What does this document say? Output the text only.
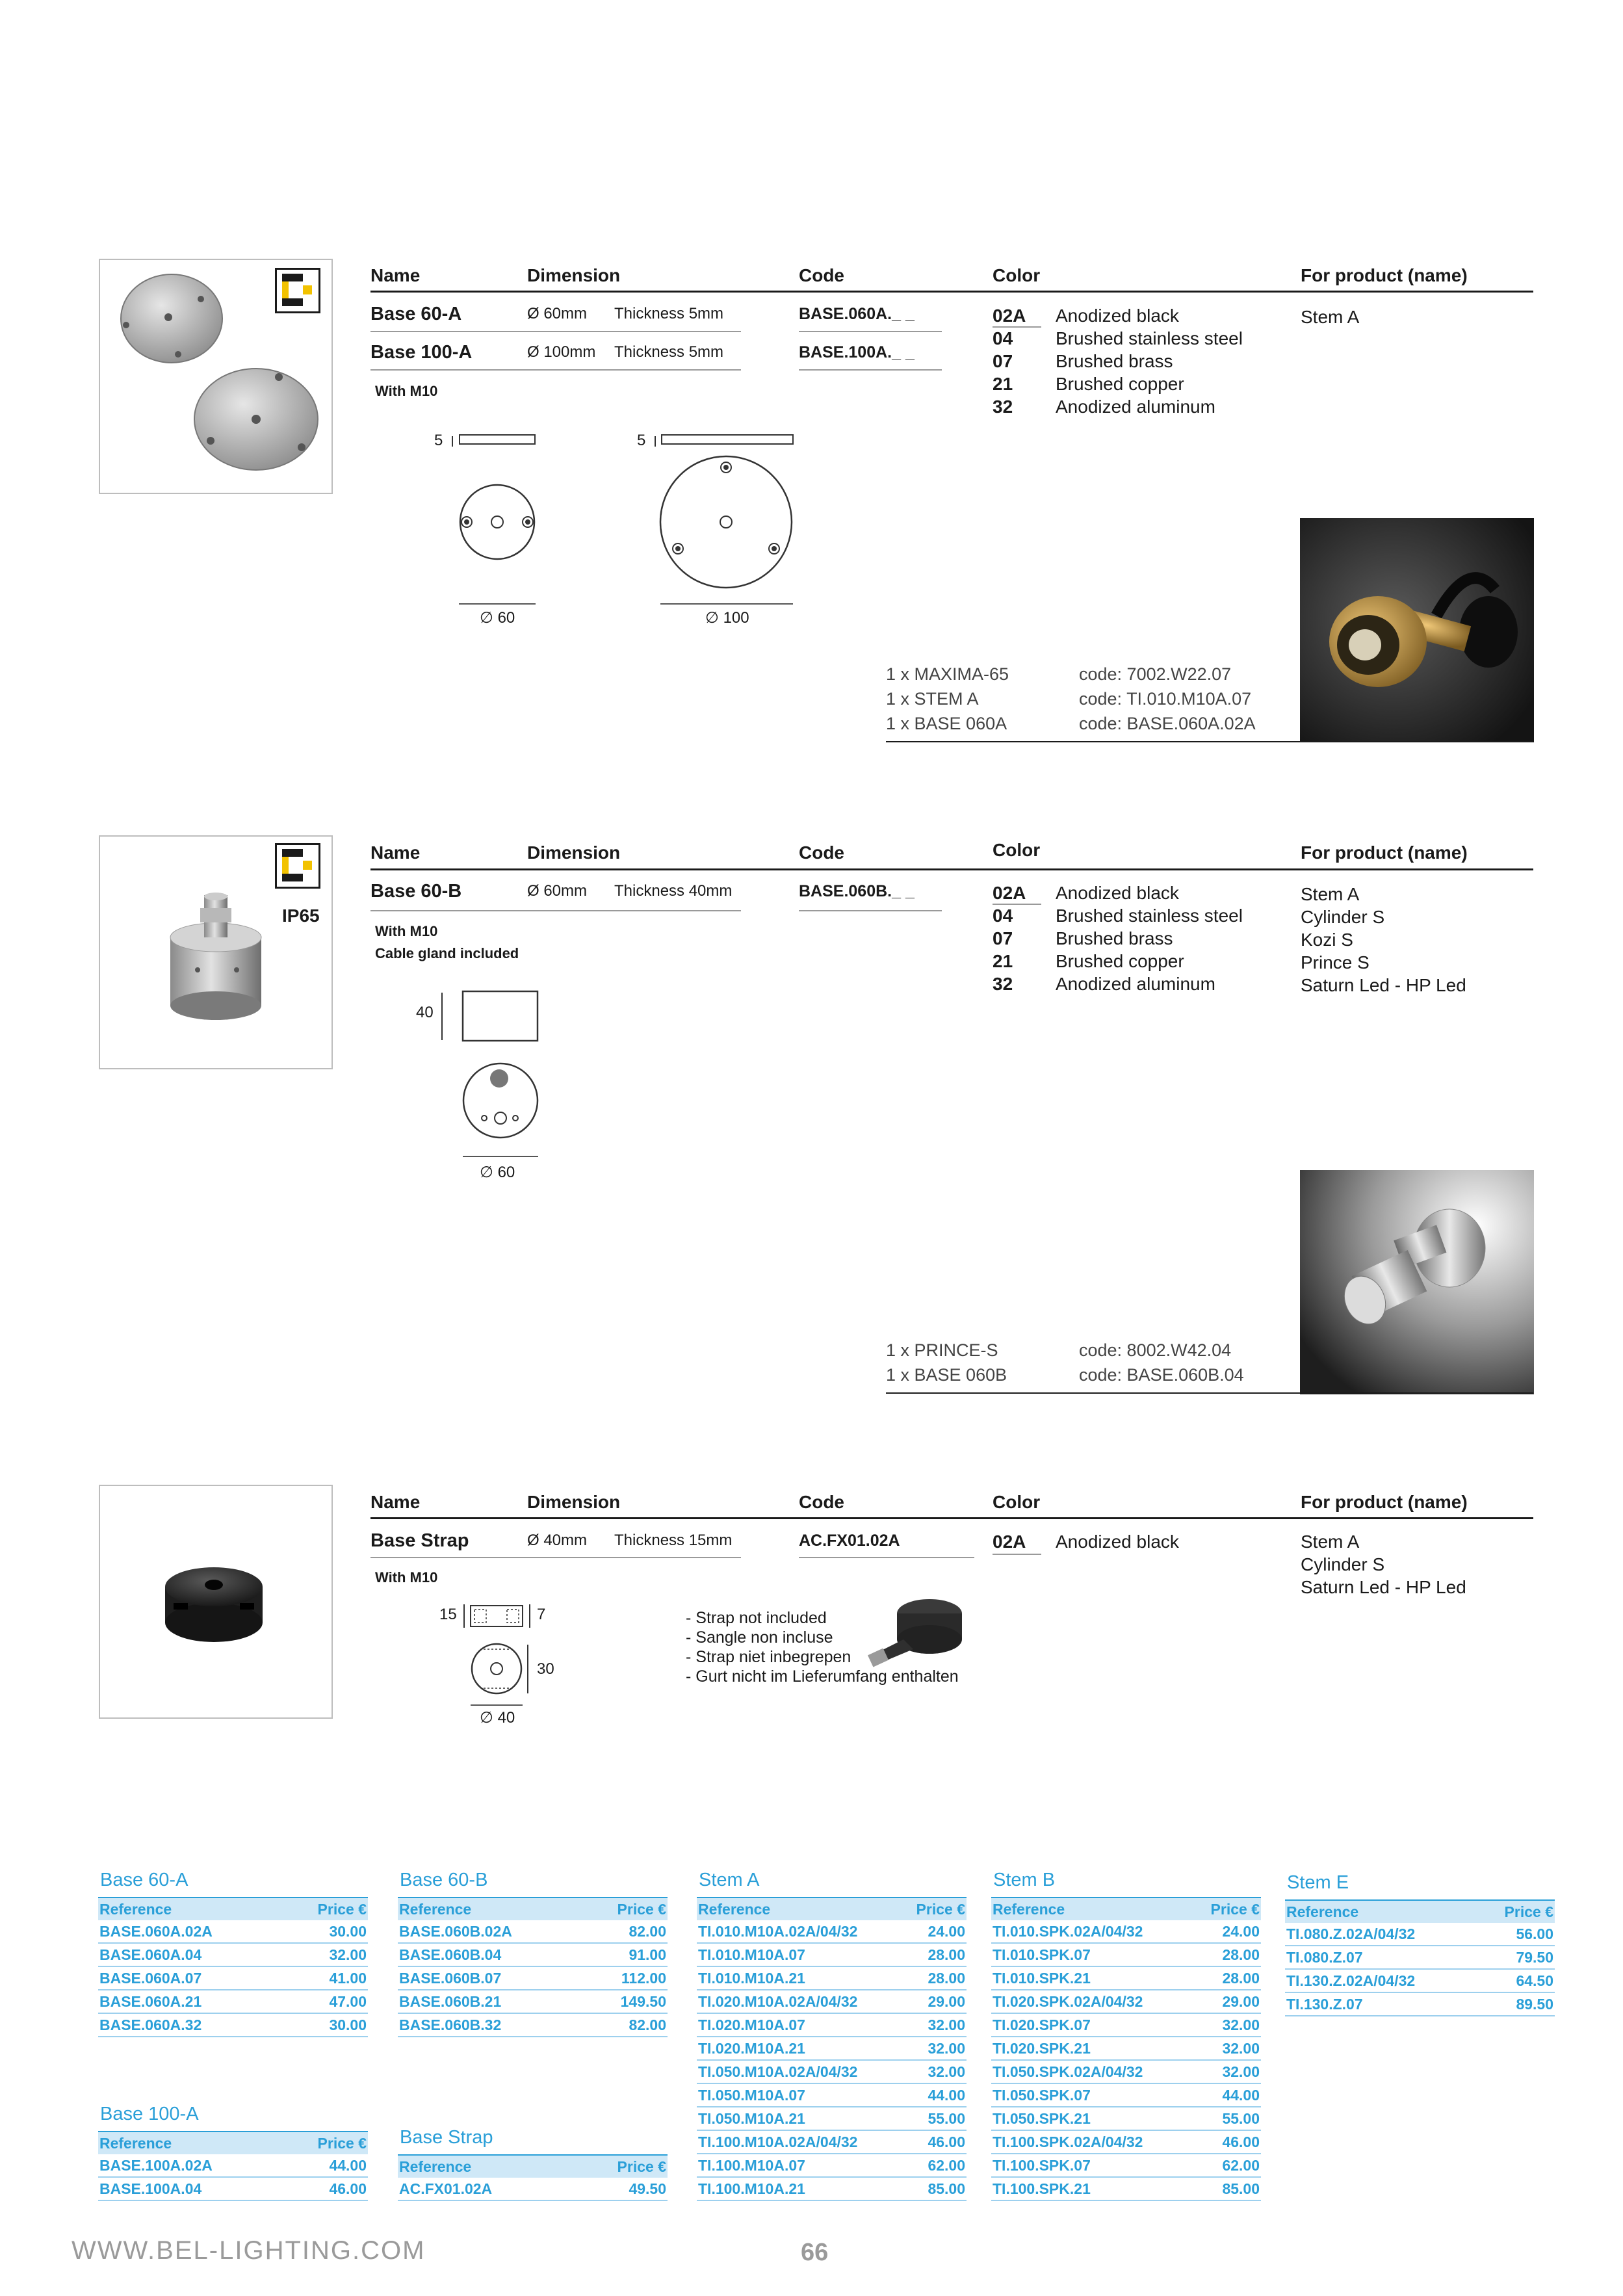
Name	Dimension	Code	Color	For product (name)
Base 60-A	Ø 60mm Thickness 5mm	BASE.060A._ _
Base 100-A	Ø 100mm Thickness 5mm	BASE.100A._ _
With M10
02A Anodized black
04 Brushed stainless steel
07 Brushed brass
21 Brushed copper
32 Anodized aluminum
Stem A
5	5
∅ 60	∅ 100
1 x MAXIMA-65	code: 7002.W22.07
1 x STEM A	code: TI.010.M10A.07
1 x BASE 060A	code: BASE.060A.02A
IP65
Name	Dimension	Code	Color	For product (name)
Base 60-B	Ø 60mm Thickness 40mm	BASE.060B._ _
With M10
Cable gland included
02A Anodized black
04 Brushed stainless steel
07 Brushed brass
21 Brushed copper
32 Anodized aluminum
Stem A
Cylinder S
Kozi S
Prince S
Saturn Led - HP Led
40
∅ 60
1 x PRINCE-S	code: 8002.W42.04
1 x BASE 060B	code: BASE.060B.04
Name	Dimension	Code	Color	For product (name)
Base Strap	Ø 40mm Thickness 15mm	AC.FX01.02A
With M10
02A Anodized black	Stem A
Cylinder S
Saturn Led - HP Led
15	7
30
∅ 40
- Strap not included
- Sangle non incluse
- Strap niet inbegrepen
- Gurt nicht im Lieferumfang enthalten
Base 60-A
Reference	Price €
BASE.060A.02A	30.00
BASE.060A.04	32.00
BASE.060A.07	41.00
BASE.060A.21	47.00
BASE.060A.32	30.00
Base 60-B
Reference	Price €
BASE.060B.02A	82.00
BASE.060B.04	91.00
BASE.060B.07	112.00
BASE.060B.21	149.50
BASE.060B.32	82.00
Stem A
Reference	Price €
TI.010.M10A.02A/04/32	24.00
TI.010.M10A.07	28.00
TI.010.M10A.21	28.00
TI.020.M10A.02A/04/32	29.00
TI.020.M10A.07	32.00
TI.020.M10A.21	32.00
TI.050.M10A.02A/04/32	32.00
TI.050.M10A.07	44.00
TI.050.M10A.21	55.00
TI.100.M10A.02A/04/32	46.00
TI.100.M10A.07	62.00
TI.100.M10A.21	85.00
Stem B
Reference	Price €
TI.010.SPK.02A/04/32	24.00
TI.010.SPK.07	28.00
TI.010.SPK.21	28.00
TI.020.SPK.02A/04/32	29.00
TI.020.SPK.07	32.00
TI.020.SPK.21	32.00
TI.050.SPK.02A/04/32	32.00
TI.050.SPK.07	44.00
TI.050.SPK.21	55.00
TI.100.SPK.02A/04/32	46.00
TI.100.SPK.07	62.00
TI.100.SPK.21	85.00
Stem E
Reference	Price €
TI.080.Z.02A/04/32	56.00
TI.080.Z.07	79.50
TI.130.Z.02A/04/32	64.50
TI.130.Z.07	89.50
Base 100-A
Reference	Price €
BASE.100A.02A	44.00
BASE.100A.04	46.00
Base Strap
Reference	Price €
AC.FX01.02A	49.50
WWW.BEL-LIGHTING.COM	66
